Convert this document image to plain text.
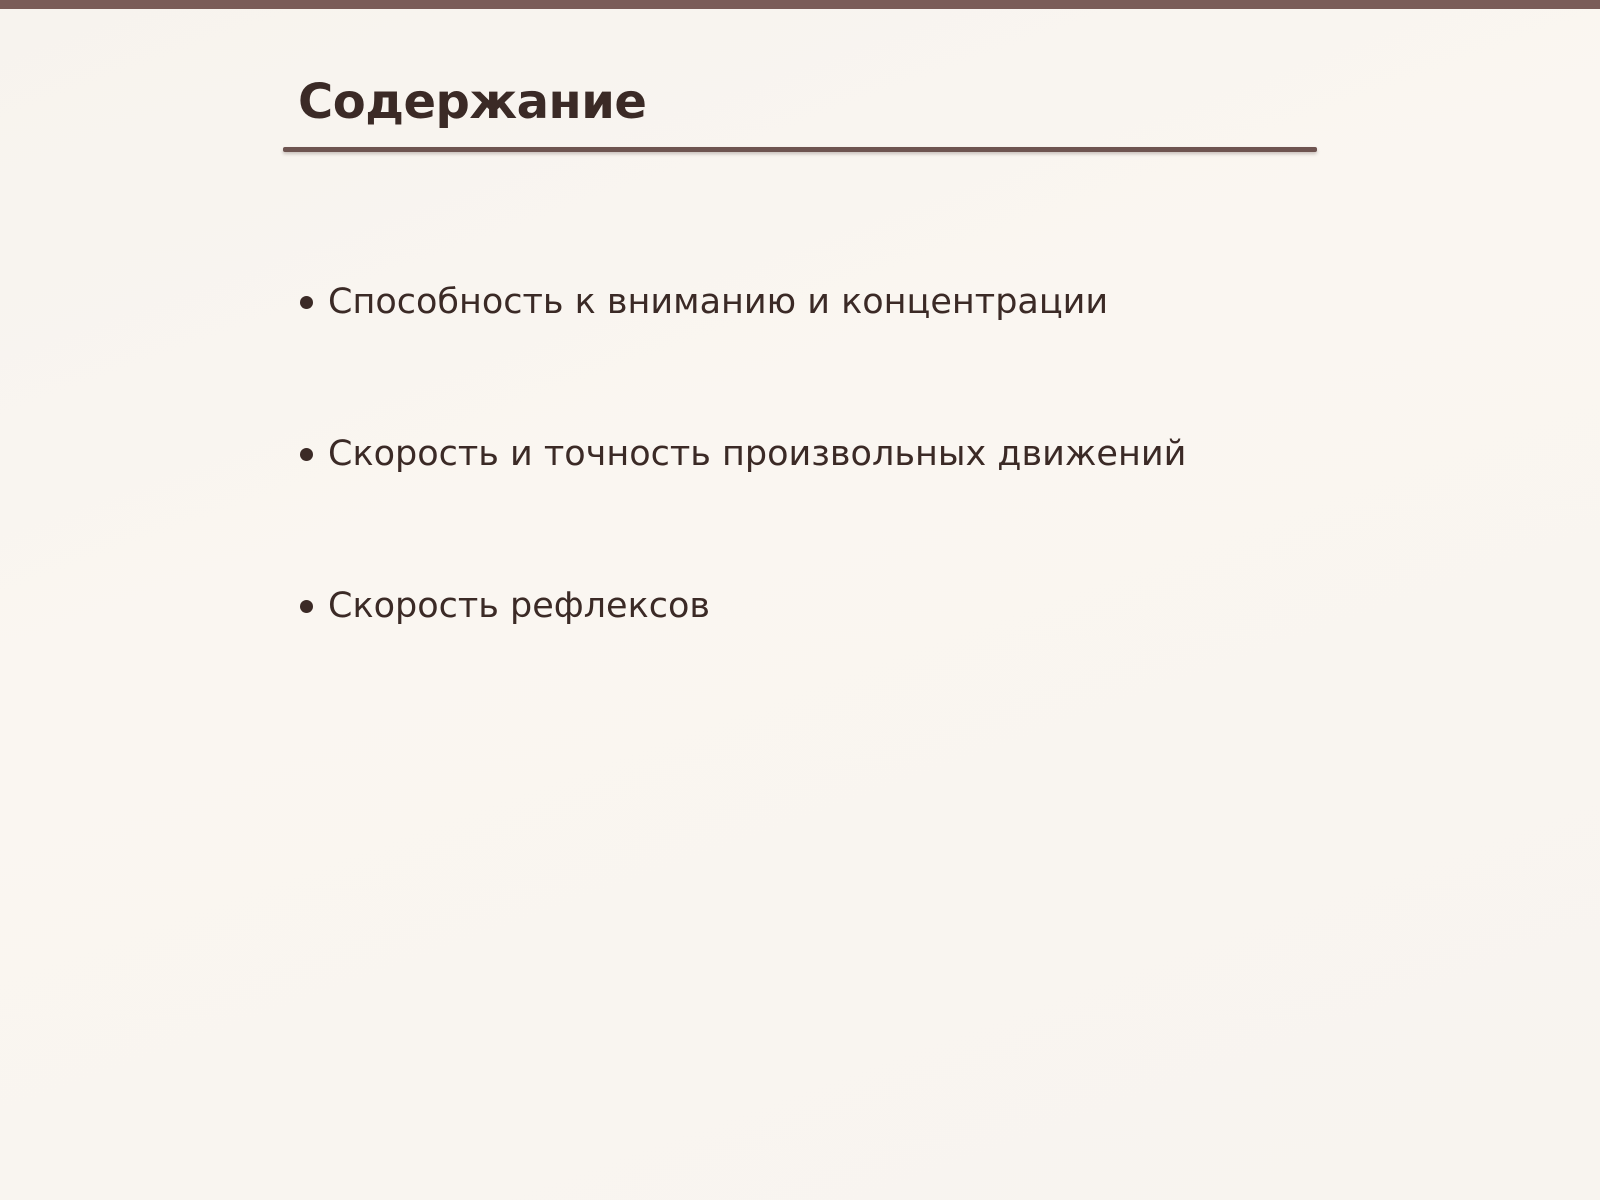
Содержание
Способность к вниманию и концентрации
Скорость и точность произвольных движений
Скорость рефлексов
